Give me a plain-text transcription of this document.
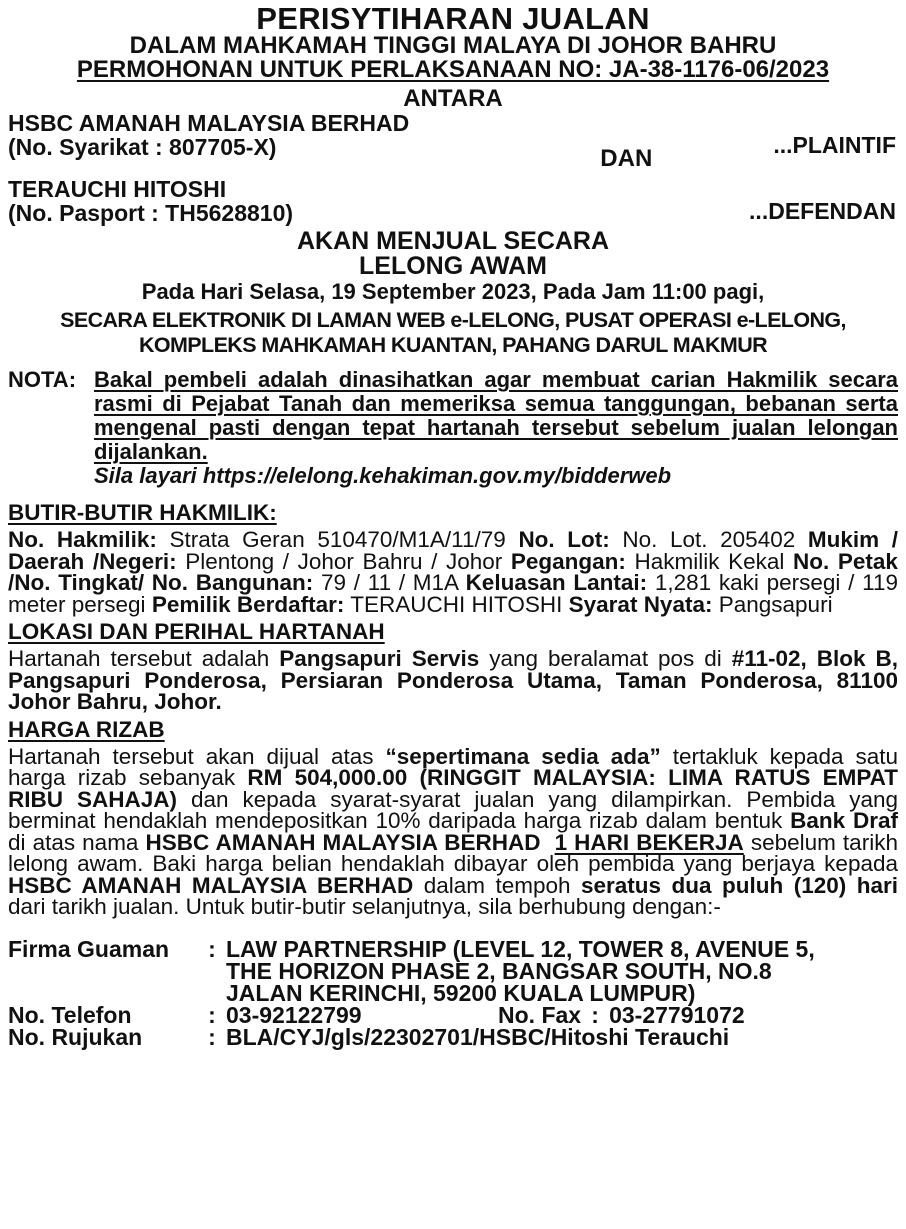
PERISYTIHARAN JUALAN
DALAM MAHKAMAH TINGGI MALAYA DI JOHOR BAHRU
PERMOHONAN UNTUK PERLAKSANAAN NO: JA-38-1176-06/2023
ANTARA
HSBC AMANAH MALAYSIA BERHAD
(No. Syarikat : 807705-X)	DAN	...PLAINTIF
TERAUCHI HITOSHI
(No. Pasport : TH5628810)	...DEFENDAN
AKAN MENJUAL SECARA
LELONG AWAM
Pada Hari Selasa, 19 September 2023, Pada Jam 11:00 pagi,
SECARA ELEKTRONIK DI LAMAN WEB e-LELONG, PUSAT OPERASI e-LELONG,
KOMPLEKS MAHKAMAH KUANTAN, PAHANG DARUL MAKMUR
NOTA: Bakal pembeli adalah dinasihatkan agar membuat carian Hakmilik secara rasmi di Pejabat Tanah dan memeriksa semua tanggungan, bebanan serta mengenal pasti dengan tepat hartanah tersebut sebelum jualan lelongan dijalankan.
Sila layari https://elelong.kehakiman.gov.my/bidderweb
BUTIR-BUTIR HAKMILIK:
No. Hakmilik: Strata Geran 510470/M1A/11/79 No. Lot: No. Lot. 205402 Mukim / Daerah /Negeri: Plentong / Johor Bahru / Johor Pegangan: Hakmilik Kekal No. Petak /No. Tingkat/ No. Bangunan: 79 / 11 / M1A Keluasan Lantai: 1,281 kaki persegi / 119 meter persegi Pemilik Berdaftar: TERAUCHI HITOSHI Syarat Nyata: Pangsapuri
LOKASI DAN PERIHAL HARTANAH
Hartanah tersebut adalah Pangsapuri Servis yang beralamat pos di #11-02, Blok B, Pangsapuri Ponderosa, Persiaran Ponderosa Utama, Taman Ponderosa, 81100 Johor Bahru, Johor.
HARGA RIZAB
Hartanah tersebut akan dijual atas “sepertimana sedia ada” tertakluk kepada satu harga rizab sebanyak RM 504,000.00 (RINGGIT MALAYSIA: LIMA RATUS EMPAT RIBU SAHAJA) dan kepada syarat-syarat jualan yang dilampirkan. Pembida yang berminat hendaklah mendepositkan 10% daripada harga rizab dalam bentuk Bank Draf di atas nama HSBC AMANAH MALAYSIA BERHAD 1 HARI BEKERJA sebelum tarikh lelong awam. Baki harga belian hendaklah dibayar oleh pembida yang berjaya kepada HSBC AMANAH MALAYSIA BERHAD dalam tempoh seratus dua puluh (120) hari dari tarikh jualan. Untuk butir-butir selanjutnya, sila berhubung dengan:-
Firma Guaman	: LAW PARTNERSHIP (LEVEL 12, TOWER 8, AVENUE 5,
THE HORIZON PHASE 2, BANGSAR SOUTH, NO.8
JALAN KERINCHI, 59200 KUALA LUMPUR)
No. Telefon	: 03-92122799	No. Fax : 03-27791072
No. Rujukan	: BLA/CYJ/gls/22302701/HSBC/Hitoshi Terauchi
